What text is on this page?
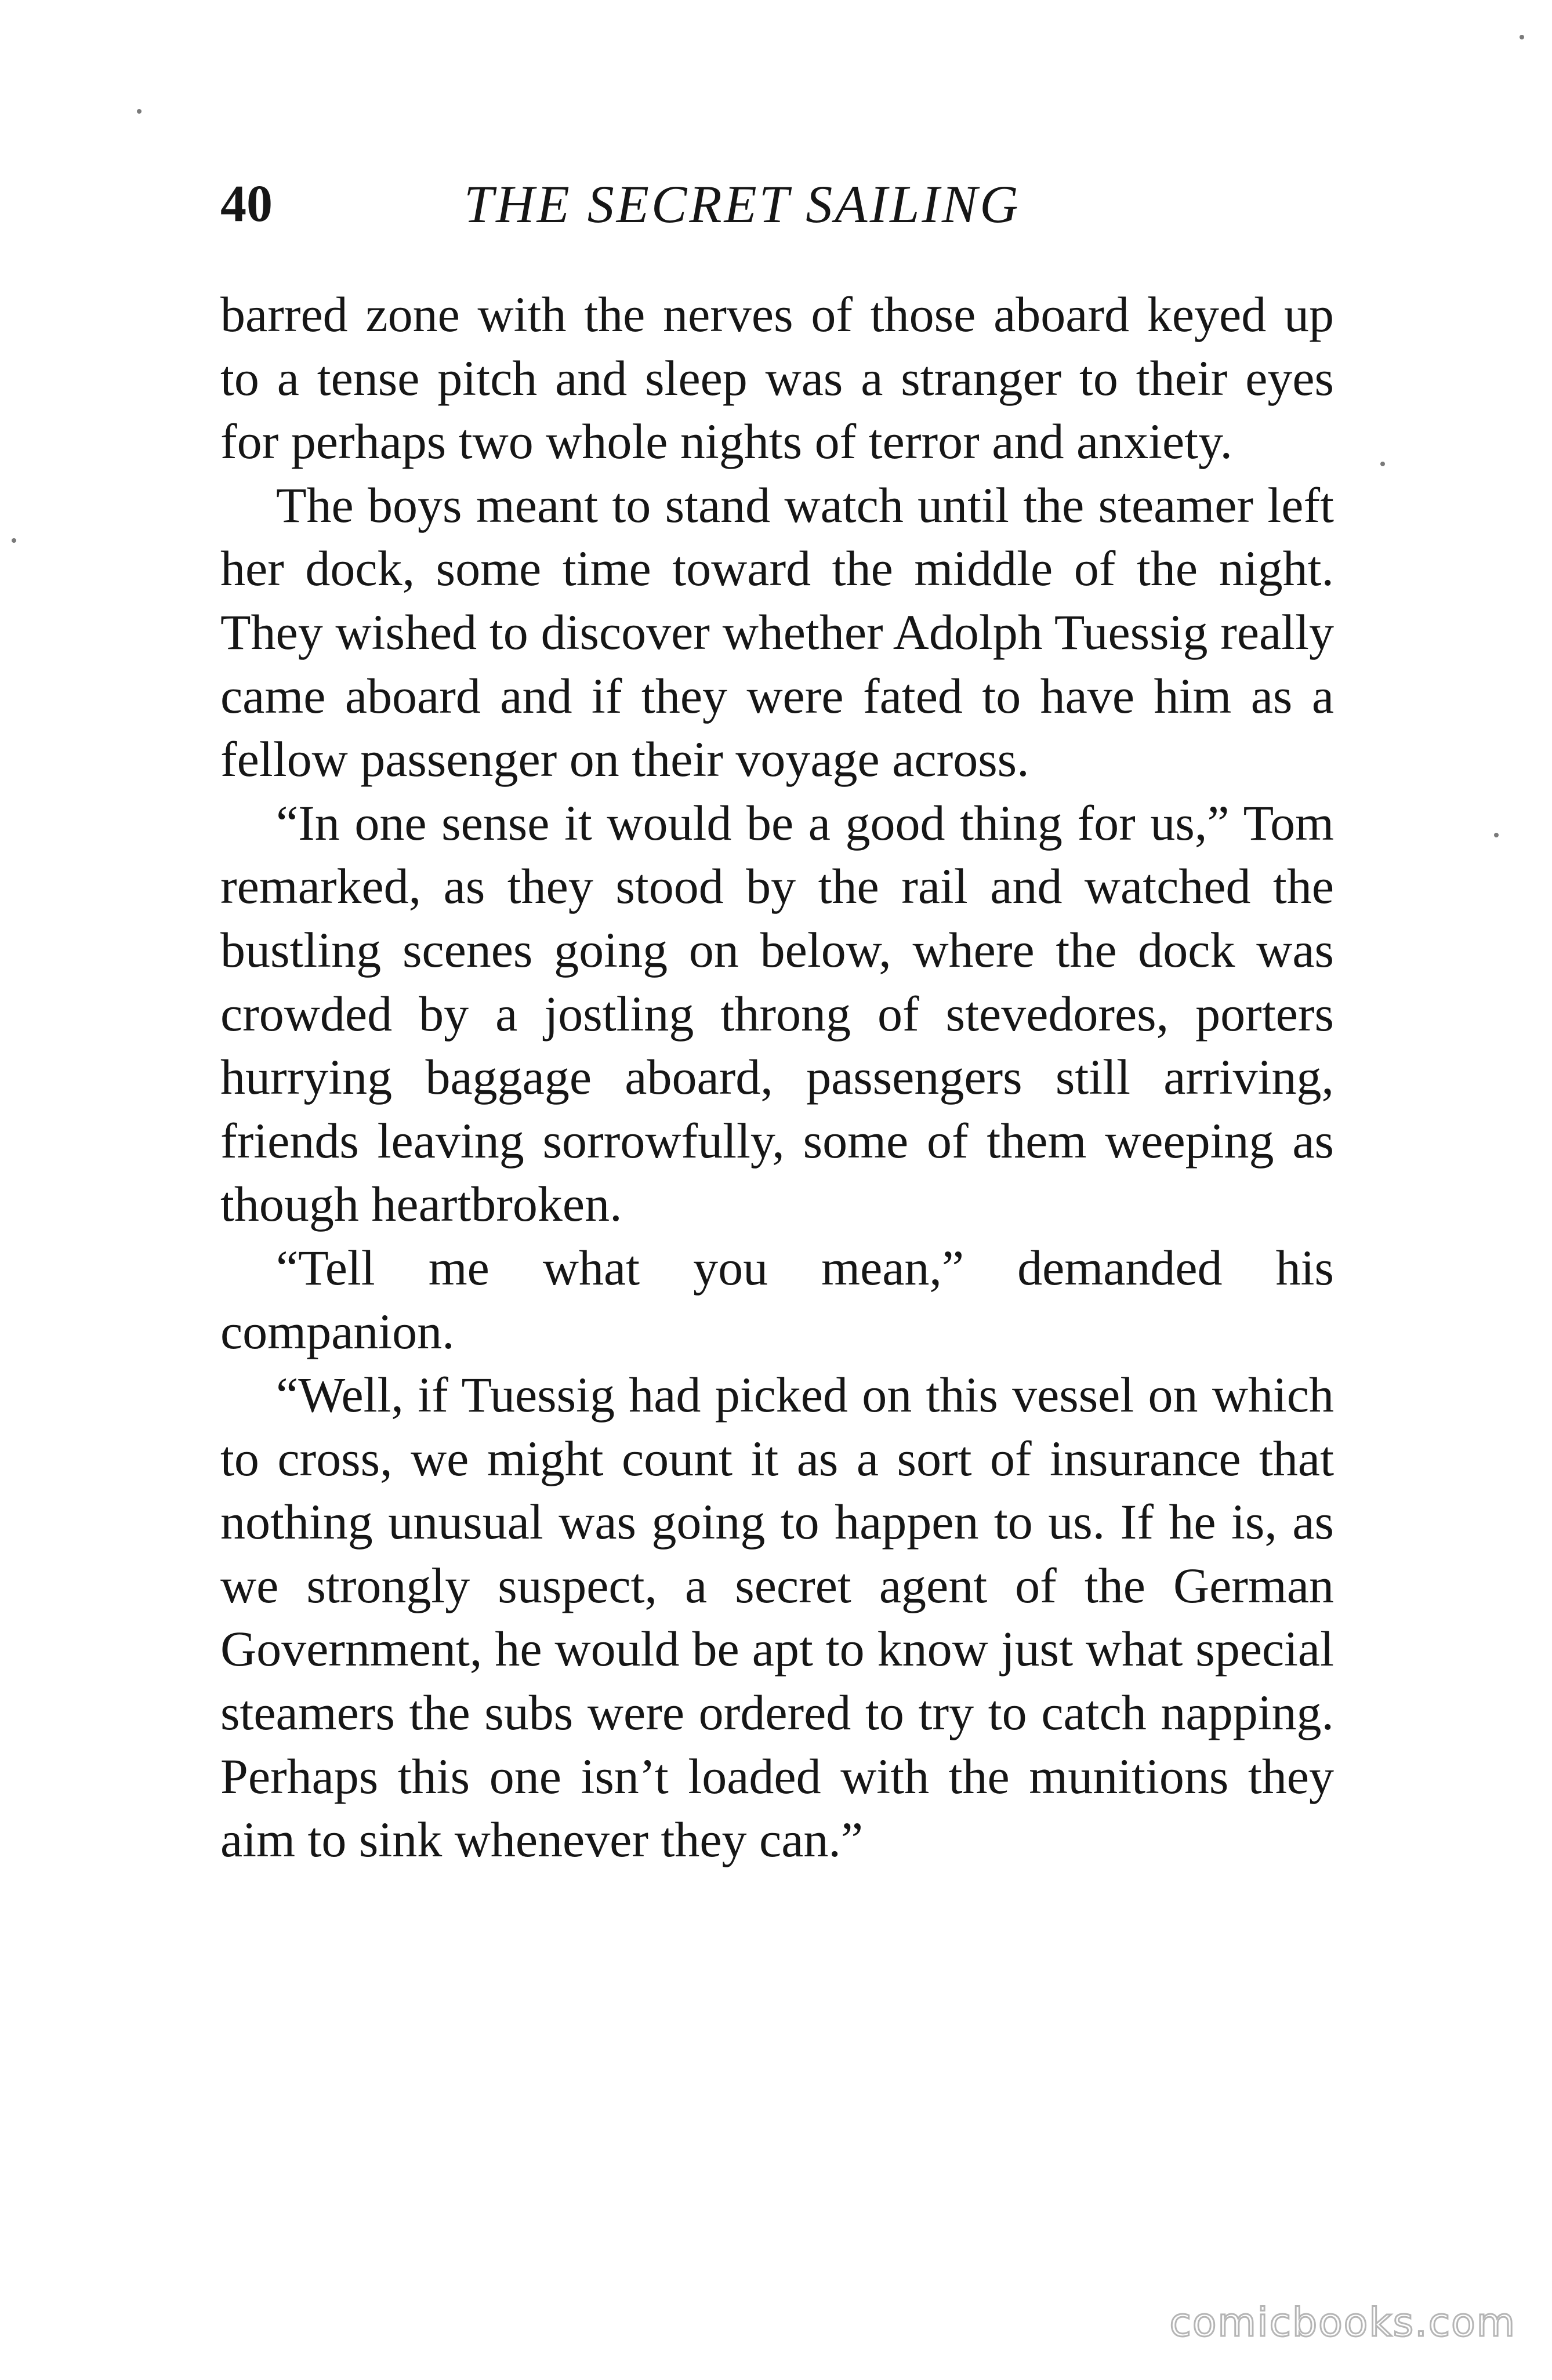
40	THE SECRET SAILING

barred zone with the nerves of those aboard keyed up to a tense pitch and sleep was a stranger to their eyes for perhaps two whole nights of terror and anxiety.

The boys meant to stand watch until the steamer left her dock, some time toward the middle of the night. They wished to discover whether Adolph Tuessig really came aboard and if they were fated to have him as a fellow passenger on their voyage across.

“In one sense it would be a good thing for us,” Tom remarked, as they stood by the rail and watched the bustling scenes going on below, where the dock was crowded by a jostling throng of stevedores, porters hurrying baggage aboard, passengers still arriving, friends leaving sorrowfully, some of them weeping as though heartbroken.

“Tell me what you mean,” demanded his companion.

“Well, if Tuessig had picked on this vessel on which to cross, we might count it as a sort of insurance that nothing unusual was going to happen to us. If he is, as we strongly suspect, a secret agent of the German Government, he would be apt to know just what special steamers the subs were ordered to try to catch napping. Perhaps this one isn’t loaded with the munitions they aim to sink whenever they can.”

comicbooks.com
